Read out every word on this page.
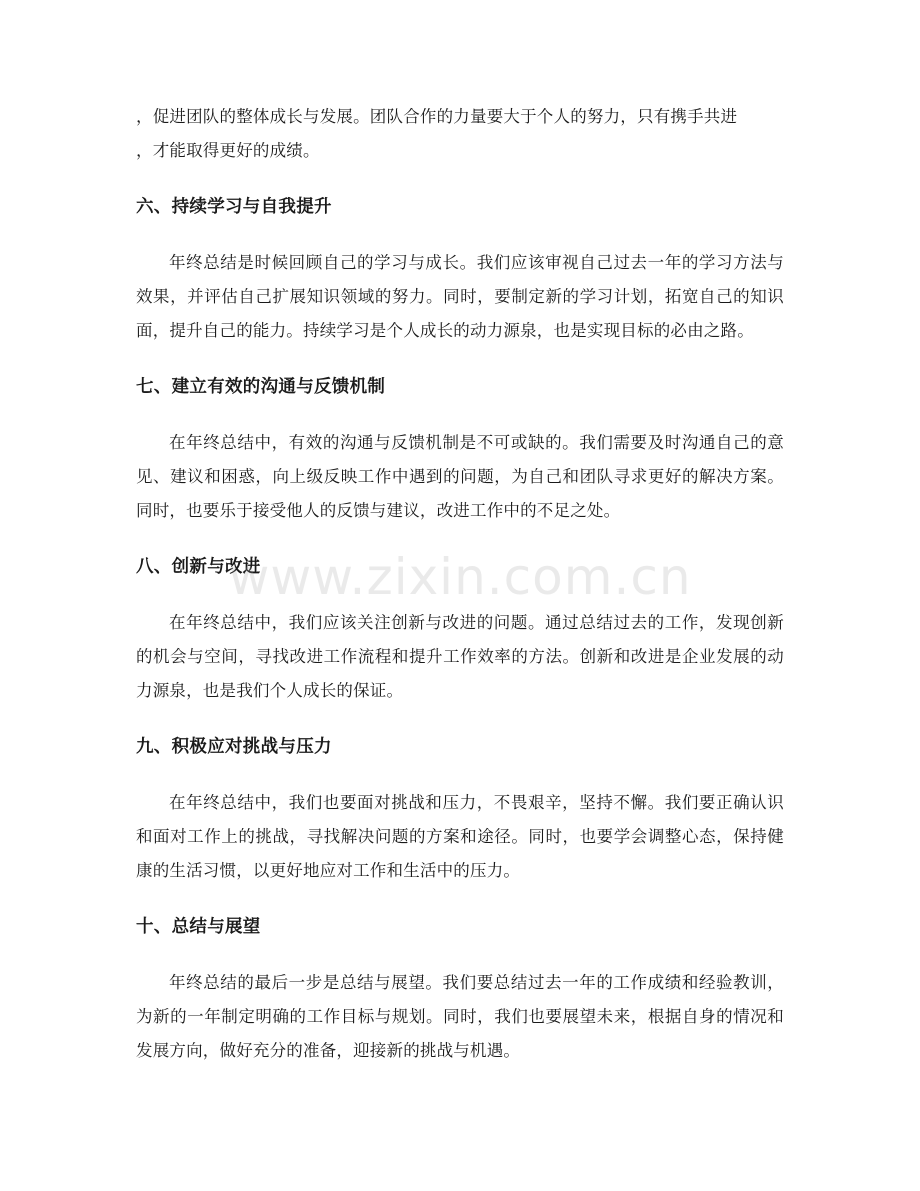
，促进团队的整体成长与发展。团队合作的力量要大于个人的努力，只有携手共进
，才能取得更好的成绩。

六、持续学习与自我提升

年终总结是时候回顾自己的学习与成长。我们应该审视自己过去一年的学习方法与效果，并评估自己扩展知识领域的努力。同时，要制定新的学习计划，拓宽自己的知识面，提升自己的能力。持续学习是个人成长的动力源泉，也是实现目标的必由之路。

七、建立有效的沟通与反馈机制

在年终总结中，有效的沟通与反馈机制是不可或缺的。我们需要及时沟通自己的意见、建议和困惑，向上级反映工作中遇到的问题，为自己和团队寻求更好的解决方案。同时，也要乐于接受他人的反馈与建议，改进工作中的不足之处。

八、创新与改进

在年终总结中，我们应该关注创新与改进的问题。通过总结过去的工作，发现创新的机会与空间，寻找改进工作流程和提升工作效率的方法。创新和改进是企业发展的动力源泉，也是我们个人成长的保证。

九、积极应对挑战与压力

在年终总结中，我们也要面对挑战和压力，不畏艰辛，坚持不懈。我们要正确认识和面对工作上的挑战，寻找解决问题的方案和途径。同时，也要学会调整心态，保持健康的生活习惯，以更好地应对工作和生活中的压力。

十、总结与展望

年终总结的最后一步是总结与展望。我们要总结过去一年的工作成绩和经验教训，为新的一年制定明确的工作目标与规划。同时，我们也要展望未来，根据自身的情况和发展方向，做好充分的准备，迎接新的挑战与机遇。

www.zixin.com.cn
